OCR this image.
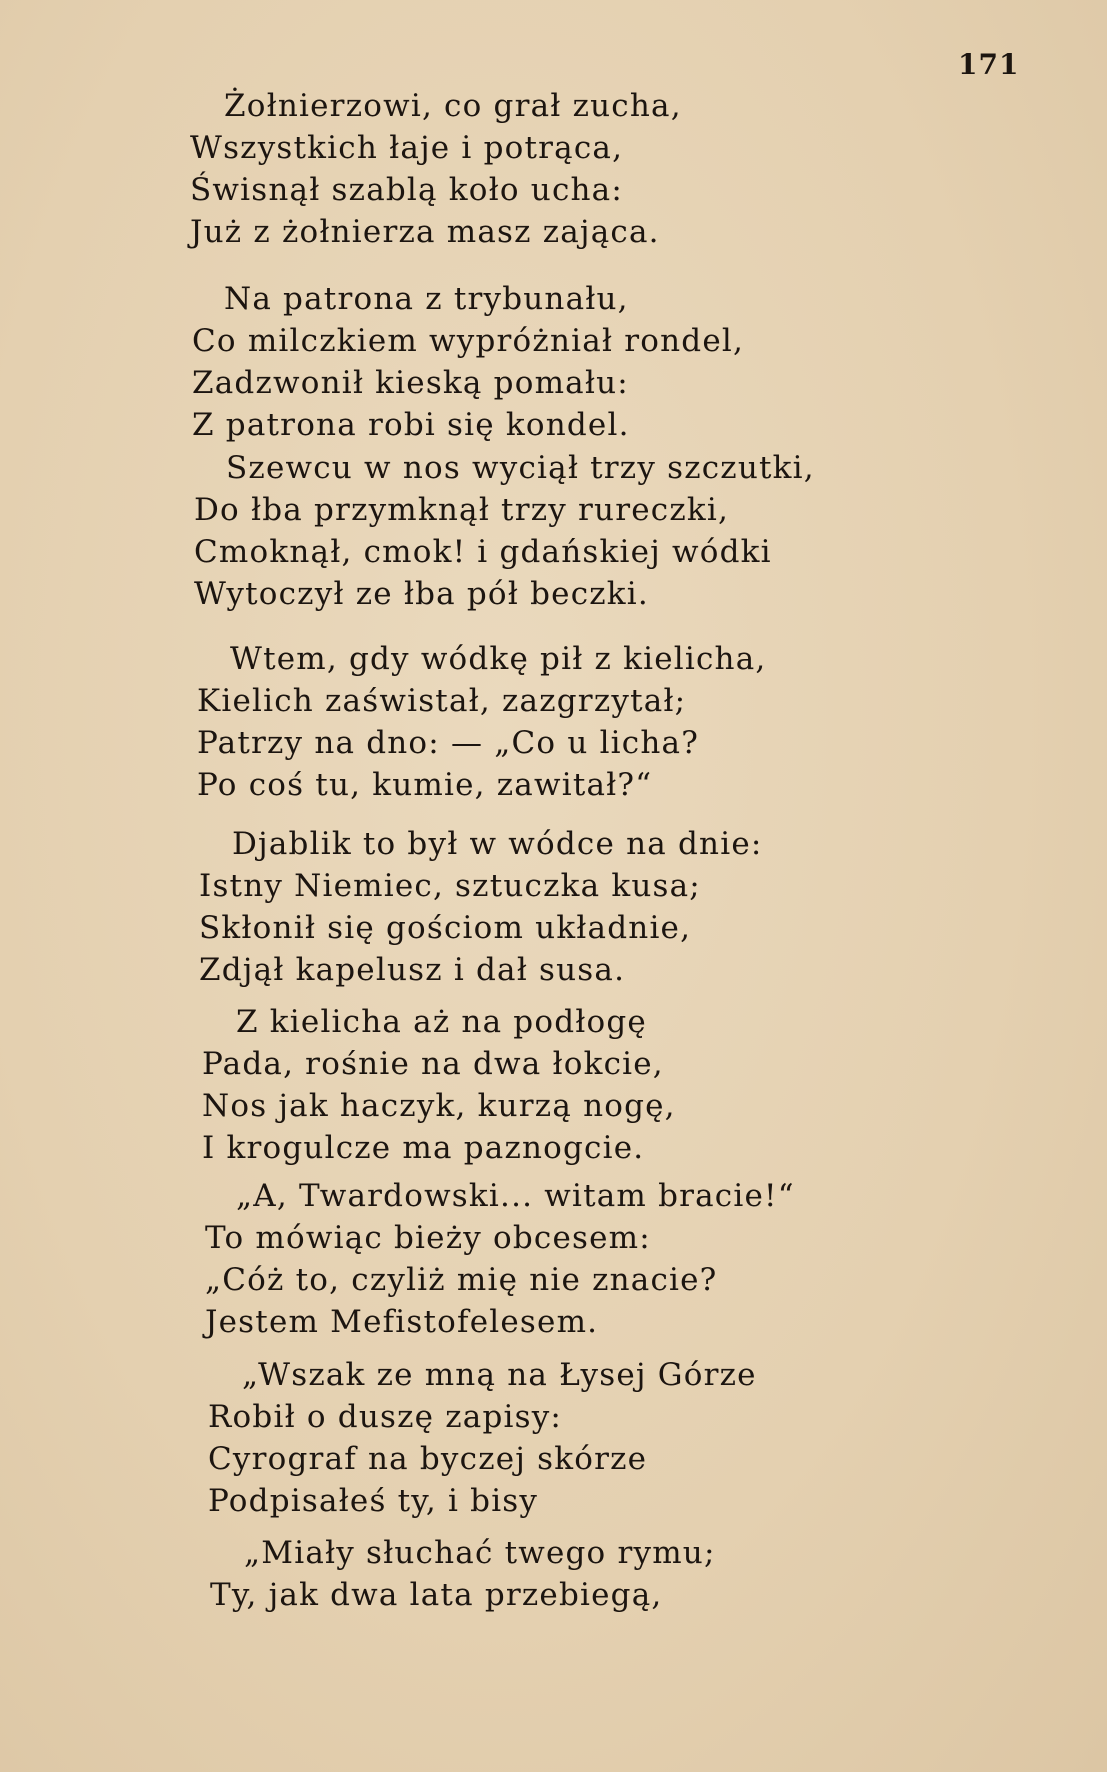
171
Żołnierzowi, co grał zucha,
Wszystkich łaje i potrąca,
Świsnął szablą koło ucha:
Już z żołnierza masz zająca.
Na patrona z trybunału,
Co milczkiem wypróżniał rondel,
Zadzwonił kieską pomału:
Z patrona robi się kondel.
Szewcu w nos wyciął trzy szczutki,
Do łba przymknął trzy rureczki,
Cmoknął, cmok! i gdańskiej wódki
Wytoczył ze łba pół beczki.
Wtem, gdy wódkę pił z kielicha,
Kielich zaświstał, zazgrzytał;
Patrzy na dno: — „Co u licha?
Po coś tu, kumie, zawitał?“
Djablik to był w wódce na dnie:
Istny Niemiec, sztuczka kusa;
Skłonił się gościom układnie,
Zdjął kapelusz i dał susa.
Z kielicha aż na podłogę
Pada, rośnie na dwa łokcie,
Nos jak haczyk, kurzą nogę,
I krogulcze ma paznogcie.
„A, Twardowski... witam bracie!“
To mówiąc bieży obcesem:
„Cóż to, czyliż mię nie znacie?
Jestem Mefistofelesem.
„Wszak ze mną na Łysej Górze
Robił o duszę zapisy:
Cyrograf na byczej skórze
Podpisałeś ty, i bisy
„Miały słuchać twego rymu;
Ty, jak dwa lata przebiegą,
